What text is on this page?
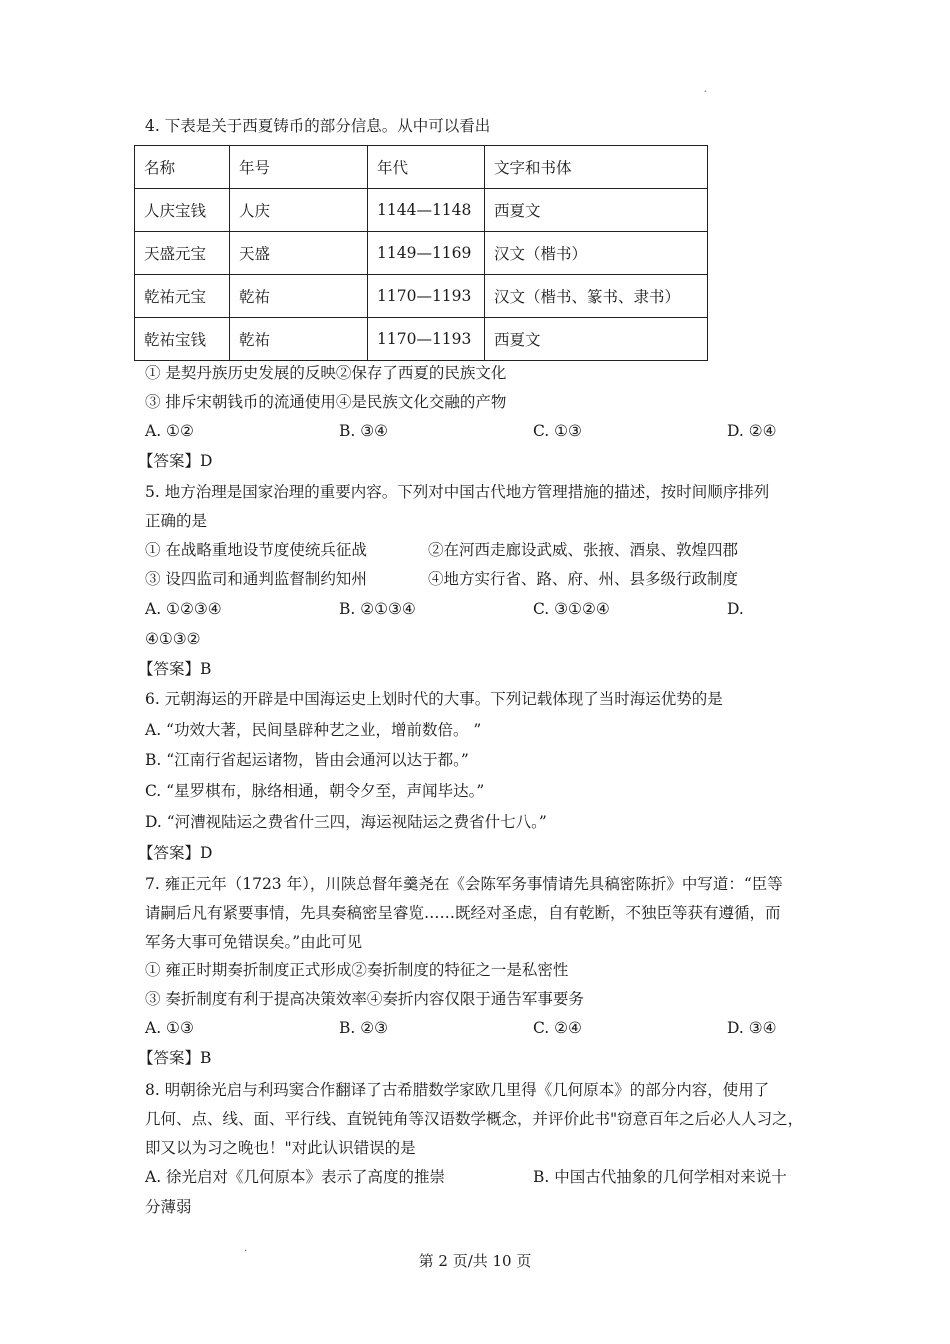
˛
4. 下表是关于西夏铸币的部分信息。从中可以看出
名称	年号	年代	文字和书体
人庆宝钱	人庆	1144—1148	西夏文
天盛元宝	天盛	1149—1169	汉文（楷书）
乾祐元宝	乾祐	1170—1193	汉文（楷书、篆书、隶书）
乾祐宝钱	乾祐	1170—1193	西夏文
① 是契丹族历史发展的反映②保存了西夏的民族文化
③ 排斥宋朝钱币的流通使用④是民族文化交融的产物
A. ①②	B. ③④	C. ①③	D. ②④
【答案】D
5. 地方治理是国家治理的重要内容。下列对中国古代地方管理措施的描述，按时间顺序排列
正确的是
① 在战略重地设节度使统兵征战	②在河西走廊设武威、张掖、酒泉、敦煌四郡
③ 设四监司和通判监督制约知州	④地方实行省、路、府、州、县多级行政制度
A. ①②③④	B. ②①③④	C. ③①②④	D.
④①③②
【答案】B
6. 元朝海运的开辟是中国海运史上划时代的大事。下列记载体现了当时海运优势的是
A. “功效大著，民间垦辟种艺之业，增前数倍。 ”
B. “江南行省起运诸物，皆由会通河以达于都。”
C. “星罗棋布，脉络相通，朝令夕至，声闻毕达。”
D. “河漕视陆运之费省什三四，海运视陆运之费省什七八。”
【答案】D
7. 雍正元年（1723 年），川陕总督年羹尧在《会陈军务事情请先具稿密陈折》中写道：“臣等
请嗣后凡有紧要事情，先具奏稿密呈睿览……既经对圣虑，自有乾断，不独臣等获有遵循，而
军务大事可免错误矣。”由此可见
① 雍正时期奏折制度正式形成②奏折制度的特征之一是私密性
③ 奏折制度有利于提高决策效率④奏折内容仅限于通告军事要务
A. ①③	B. ②③	C. ②④	D. ③④
【答案】B
8. 明朝徐光启与利玛窦合作翻译了古希腊数学家欧几里得《几何原本》的部分内容，使用了
几何、点、线、面、平行线、直锐钝角等汉语数学概念，并评价此书"窃意百年之后必人人习之，
即又以为习之晚也！"对此认识错误的是
A. 徐光启对《几何原本》表示了高度的推崇	B. 中国古代抽象的几何学相对来说十
分薄弱
·
第 2 页/共 10 页
